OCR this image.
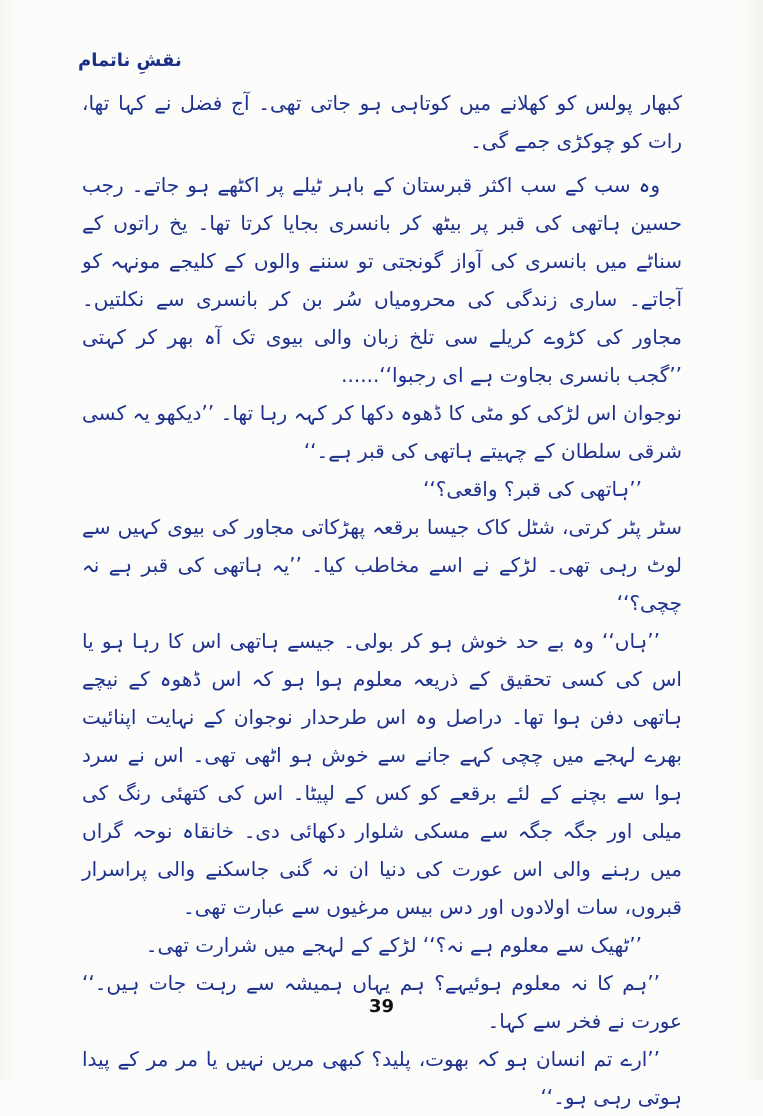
نقشِ ناتمام

کبھار پولس کو کھلانے میں کوتاہی ہو جاتی تھی۔ آج فضل نے کہا تھا، رات کو چوکڑی جمے گی۔

وہ سب کے سب اکثر قبرستان کے باہر ٹیلے پر اکٹھے ہو جاتے۔ رجب حسین ہاتھی کی قبر پر بیٹھ کر بانسری بجایا کرتا تھا۔ یخ راتوں کے سناٹے میں بانسری کی آواز گونجتی تو سننے والوں کے کلیجے مونہہ کو آجاتے۔ ساری زندگی کی محرومیاں سُر بن کر بانسری سے نکلتیں۔ مجاور کی کڑوے کریلے سی تلخ زبان والی بیوی تک آہ بھر کر کہتی ’’گجب بانسری بجاوت ہے ای رجبوا‘‘......

نوجوان اس لڑکی کو مٹی کا ڈھوہ دکھا کر کہہ رہا تھا۔ ’’دیکھو یہ کسی شرقی سلطان کے چہیتے ہاتھی کی قبر ہے۔‘‘

’’ہاتھی کی قبر؟ واقعی؟‘‘

سٹر پٹر کرتی، شٹل کاک جیسا برقعہ پھڑکاتی مجاور کی بیوی کہیں سے لوٹ رہی تھی۔ لڑکے نے اسے مخاطب کیا۔ ’’یہ ہاتھی کی قبر ہے نہ چچی؟‘‘

’’ہاں‘‘ وہ بے حد خوش ہو کر بولی۔ جیسے ہاتھی اس کا رہا ہو یا اس کی کسی تحقیق کے ذریعہ معلوم ہوا ہو کہ اس ڈھوہ کے نیچے ہاتھی دفن ہوا تھا۔ دراصل وہ اس طرحدار نوجوان کے نہایت اپنائیت بھرے لہجے میں چچی کہے جانے سے خوش ہو اٹھی تھی۔ اس نے سرد ہوا سے بچنے کے لئے برقعے کو کس کے لپیٹا۔ اس کی کتھئی رنگ کی میلی اور جگہ جگہ سے مسکی شلوار دکھائی دی۔ خانقاہ نوحہ گراں میں رہنے والی اس عورت کی دنیا ان نہ گنی جاسکنے والی پراسرار قبروں، سات اولادوں اور دس بیس مرغیوں سے عبارت تھی۔

’’ٹھیک سے معلوم ہے نہ؟‘‘ لڑکے کے لہجے میں شرارت تھی۔

’’ہم کا نہ معلوم ہوئیہے؟ ہم یہاں ہمیشہ سے رہت جات ہیں۔‘‘ عورت نے فخر سے کہا۔

’’ارے تم انسان ہو کہ بھوت، پلید؟ کبھی مریں نہیں یا مر مر کے پیدا ہوتی رہی ہو۔‘‘

39
